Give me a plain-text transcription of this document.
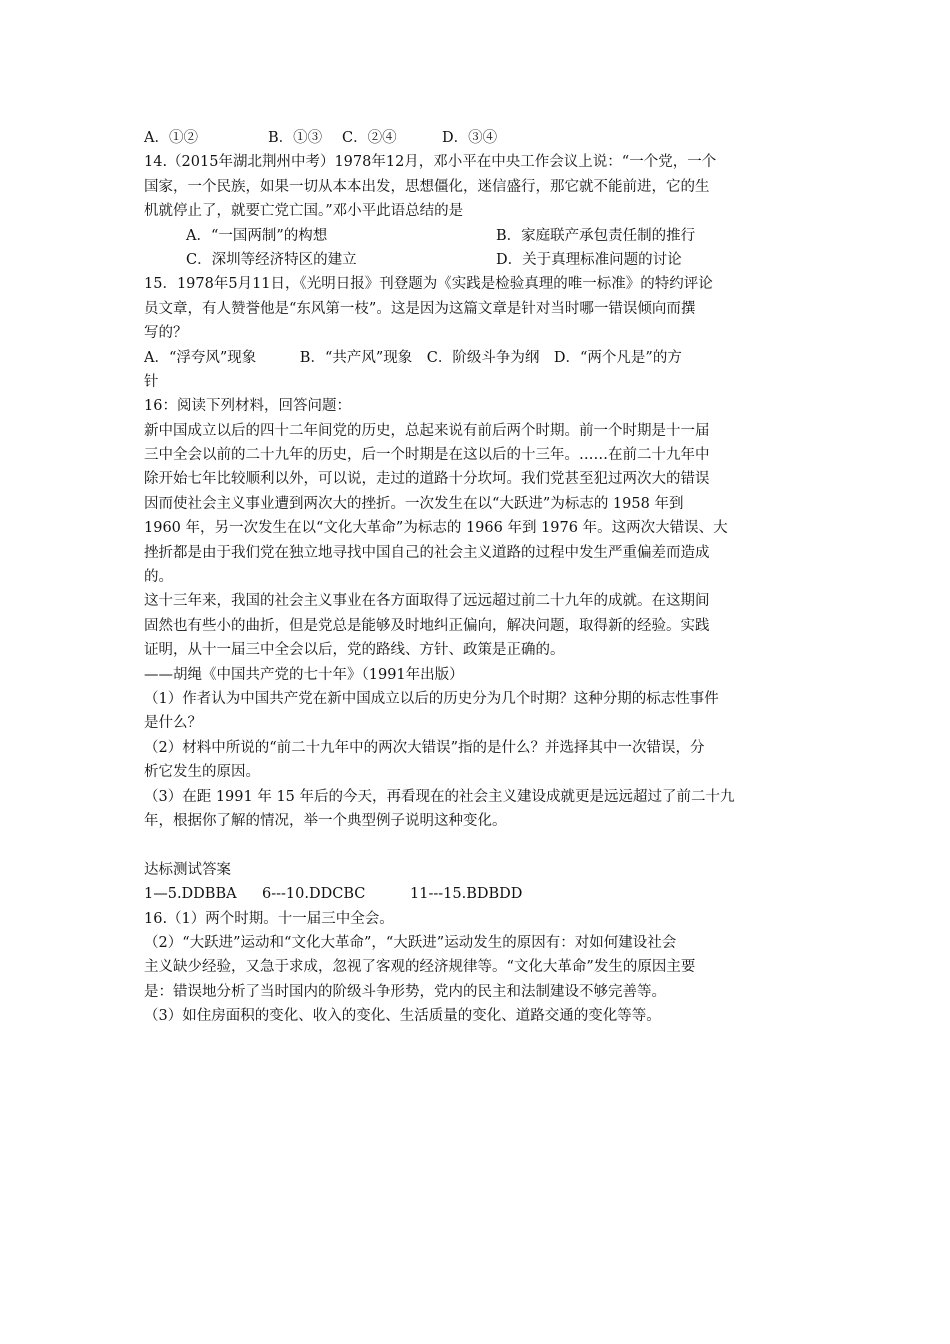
A．①②	B．①③	C．②④	D．③④
14.（2015年湖北荆州中考）1978年12月，邓小平在中央工作会议上说：“一个党，一个
国家，一个民族，如果一切从本本出发，思想僵化，迷信盛行，那它就不能前进，它的生
机就停止了，就要亡党亡国。”邓小平此语总结的是
A．“一国两制”的构想	B．家庭联产承包责任制的推行
C．深圳等经济特区的建立	D．关于真理标准问题的讨论
15．1978年5月11日，《光明日报》刊登题为《实践是检验真理的唯一标准》的特约评论
员文章，有人赞誉他是“东风第一枝”。这是因为这篇文章是针对当时哪一错误倾向而撰
写的？
A．“浮夸风”现象　　　B．“共产风”现象　C．阶级斗争为纲　D．“两个凡是”的方
针
16：阅读下列材料，回答问题：
新中国成立以后的四十二年间党的历史，总起来说有前后两个时期。前一个时期是十一届
三中全会以前的二十九年的历史，后一个时期是在这以后的十三年。……在前二十九年中
除开始七年比较顺利以外，可以说，走过的道路十分坎坷。我们党甚至犯过两次大的错误
因而使社会主义事业遭到两次大的挫折。一次发生在以“大跃进”为标志的 1958 年到
1960 年，另一次发生在以“文化大革命”为标志的 1966 年到 1976 年。这两次大错误、大
挫折都是由于我们党在独立地寻找中国自己的社会主义道路的过程中发生严重偏差而造成
的。
这十三年来，我国的社会主义事业在各方面取得了远远超过前二十九年的成就。在这期间
固然也有些小的曲折，但是党总是能够及时地纠正偏向，解决问题，取得新的经验。实践
证明，从十一届三中全会以后，党的路线、方针、政策是正确的。
——胡绳《中国共产党的七十年》（1991年出版）
（1）作者认为中国共产党在新中国成立以后的历史分为几个时期？这种分期的标志性事件
是什么？
（2）材料中所说的“前二十九年中的两次大错误”指的是什么？并选择其中一次错误，分
析它发生的原因。
（3）在距 1991 年 15 年后的今天，再看现在的社会主义建设成就更是远远超过了前二十九
年，根据你了解的情况，举一个典型例子说明这种变化。
达标测试答案
1—5.DDBBA	6---10.DDCBC	11---15.BDBDD
16.（1）两个时期。十一届三中全会。
（2）“大跃进”运动和“文化大革命”，“大跃进”运动发生的原因有：对如何建设社会
主义缺少经验，又急于求成，忽视了客观的经济规律等。“文化大革命”发生的原因主要
是：错误地分析了当时国内的阶级斗争形势，党内的民主和法制建设不够完善等。
（3）如住房面积的变化、收入的变化、生活质量的变化、道路交通的变化等等。
